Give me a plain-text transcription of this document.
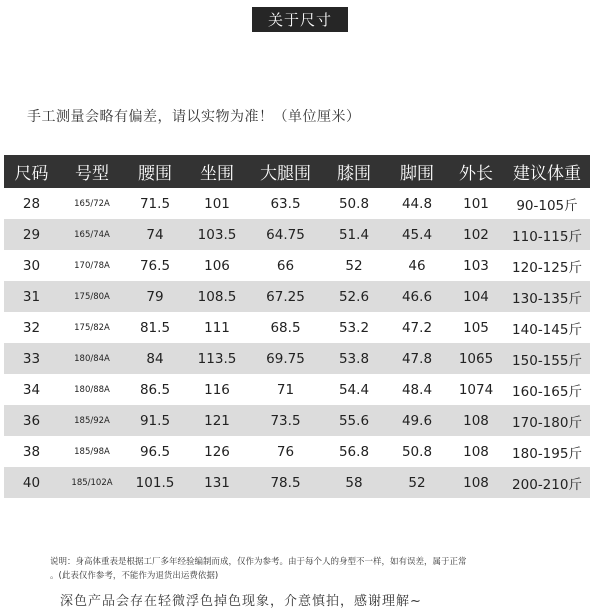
关于尺寸
手工测量会略有偏差，请以实物为准！（单位厘米）
尺码	号型	腰围	坐围	大腿围	膝围	脚围	外长	建议体重
28	165/72A	71.5	101	63.5	50.8	44.8	101	90-105斤
29	165/74A	74	103.5	64.75	51.4	45.4	102	110-115斤
30	170/78A	76.5	106	66	52	46	103	120-125斤
31	175/80A	79	108.5	67.25	52.6	46.6	104	130-135斤
32	175/82A	81.5	111	68.5	53.2	47.2	105	140-145斤
33	180/84A	84	113.5	69.75	53.8	47.8	1065	150-155斤
34	180/88A	86.5	116	71	54.4	48.4	1074	160-165斤
36	185/92A	91.5	121	73.5	55.6	49.6	108	170-180斤
38	185/98A	96.5	126	76	56.8	50.8	108	180-195斤
40	185/102A	101.5	131	78.5	58	52	108	200-210斤
说明：身高体重表是根据工厂多年经验编制而成，仅作为参考。由于每个人的身型不一样，如有误差，属于正常
。(此表仅作参考，不能作为退货出运费依据)
深色产品会存在轻微浮色掉色现象，介意慎拍，感谢理解~
